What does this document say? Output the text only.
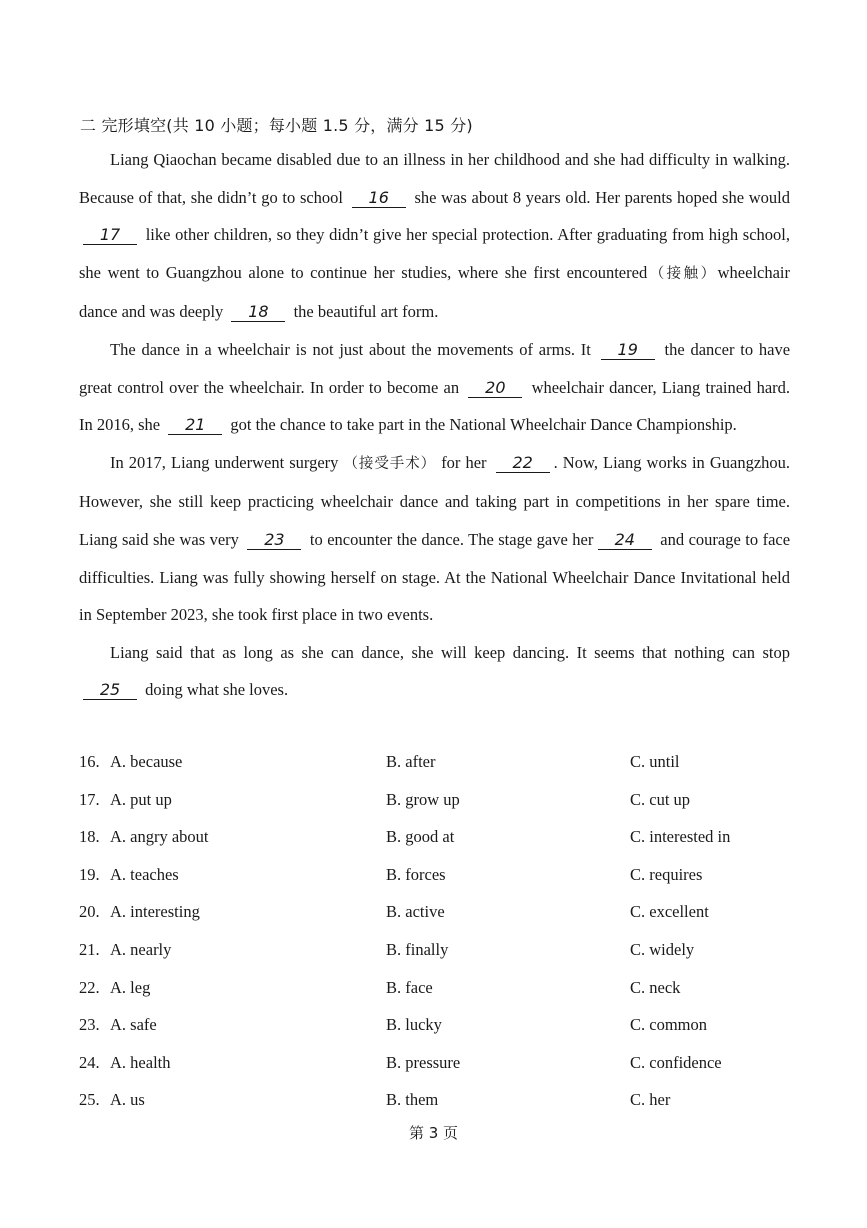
二 完形填空(共 10 小题；每小题 1.5 分，满分 15 分)

Liang Qiaochan became disabled due to an illness in her childhood and she had difficulty in walking. Because of that, she didn’t go to school 16 she was about 8 years old. Her parents hoped she would 17 like other children, so they didn’t give her special protection. After graduating from high school, she went to Guangzhou alone to continue her studies, where she first encountered（接触）wheelchair dance and was deeply 18 the beautiful art form.

The dance in a wheelchair is not just about the movements of arms. It 19 the dancer to have great control over the wheelchair. In order to become an 20 wheelchair dancer, Liang trained hard. In 2016, she 21 got the chance to take part in the National Wheelchair Dance Championship.

In 2017, Liang underwent surgery （接受手术） for her 22 . Now, Liang works in Guangzhou. However, she still keep practicing wheelchair dance and taking part in competitions in her spare time. Liang said she was very 23 to encounter the dance. The stage gave her 24 and courage to face difficulties. Liang was fully showing herself on stage. At the National Wheelchair Dance Invitational held in September 2023, she took first place in two events.

Liang said that as long as she can dance, she will keep dancing. It seems that nothing can stop 25 doing what she loves.

16. A. because	B. after	C. until
17. A. put up	B. grow up	C. cut up
18. A. angry about	B. good at	C. interested in
19. A. teaches	B. forces	C. requires
20. A. interesting	B. active	C. excellent
21. A. nearly	B. finally	C. widely
22. A. leg	B. face	C. neck
23. A. safe	B. lucky	C. common
24. A. health	B. pressure	C. confidence
25. A. us	B. them	C. her
第 3 页
